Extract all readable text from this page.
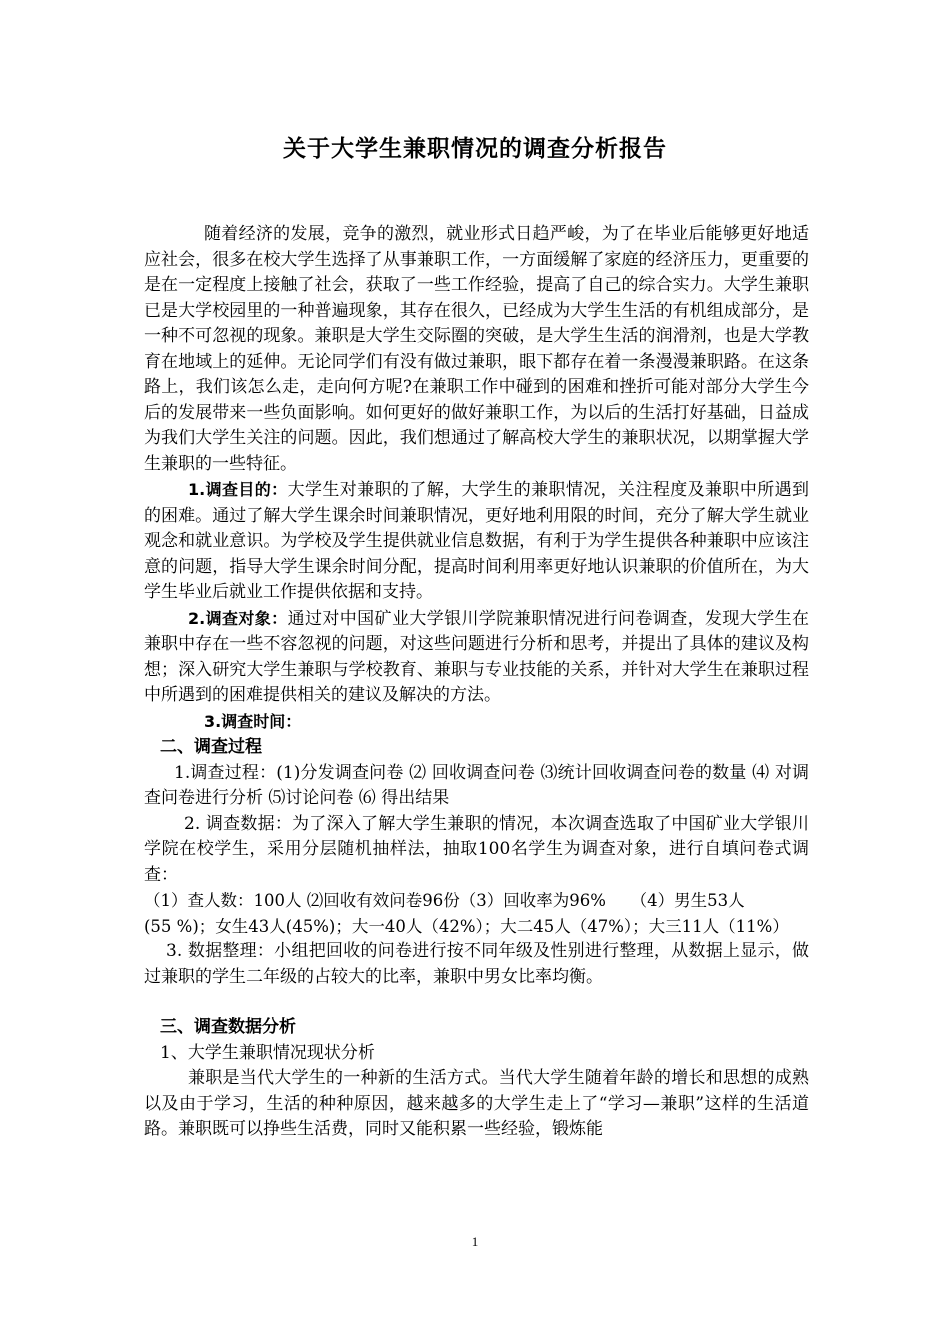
关于大学生兼职情况的调查分析报告

随着经济的发展，竞争的激烈，就业形式日趋严峻，为了在毕业后能够更好地适应社会，很多在校大学生选择了从事兼职工作，一方面缓解了家庭的经济压力，更重要的是在一定程度上接触了社会，获取了一些工作经验，提高了自己的综合实力。大学生兼职已是大学校园里的一种普遍现象，其存在很久，已经成为大学生生活的有机组成部分，是一种不可忽视的现象。兼职是大学生交际圈的突破，是大学生生活的润滑剂，也是大学教育在地域上的延伸。无论同学们有没有做过兼职，眼下都存在着一条漫漫兼职路。在这条路上，我们该怎么走，走向何方呢?在兼职工作中碰到的困难和挫折可能对部分大学生今后的发展带来一些负面影响。如何更好的做好兼职工作，为以后的生活打好基础，日益成为我们大学生关注的问题。因此，我们想通过了解高校大学生的兼职状况，以期掌握大学生兼职的一些特征。

1.调查目的：大学生对兼职的了解，大学生的兼职情况，关注程度及兼职中所遇到的困难。通过了解大学生课余时间兼职情况，更好地利用限的时间，充分了解大学生就业观念和就业意识。为学校及学生提供就业信息数据，有利于为学生提供各种兼职中应该注意的问题，指导大学生课余时间分配，提高时间利用率更好地认识兼职的价值所在，为大学生毕业后就业工作提供依据和支持。

2.调查对象：通过对中国矿业大学银川学院兼职情况进行问卷调查，发现大学生在兼职中存在一些不容忽视的问题，对这些问题进行分析和思考，并提出了具体的建议及构想；深入研究大学生兼职与学校教育、兼职与专业技能的关系，并针对大学生在兼职过程中所遇到的困难提供相关的建议及解决的方法。

3.调查时间：

二、调查过程

1.调查过程：(1)分发调查问卷 ⑵ 回收调查问卷 ⑶统计回收调查问卷的数量 ⑷ 对调查问卷进行分析 ⑸讨论问卷 ⑹ 得出结果

2. 调查数据：为了深入了解大学生兼职的情况，本次调查选取了中国矿业大学银川学院在校学生，采用分层随机抽样法，抽取100名学生为调查对象，进行自填问卷式调查：

（1）查人数：100人 ⑵回收有效问卷96份（3）回收率为96%　　（4）男生53人

(55 %)；女生43人(45%)；大一40人（42%）；大二45人（47%）；大三11人（11%）

3. 数据整理：小组把回收的问卷进行按不同年级及性别进行整理，从数据上显示，做过兼职的学生二年级的占较大的比率，兼职中男女比率均衡。

三、调查数据分析

1、大学生兼职情况现状分析

兼职是当代大学生的一种新的生活方式。当代大学生随着年龄的增长和思想的成熟以及由于学习，生活的种种原因，越来越多的大学生走上了“学习—兼职”这样的生活道路。兼职既可以挣些生活费，同时又能积累一些经验，锻炼能

1
